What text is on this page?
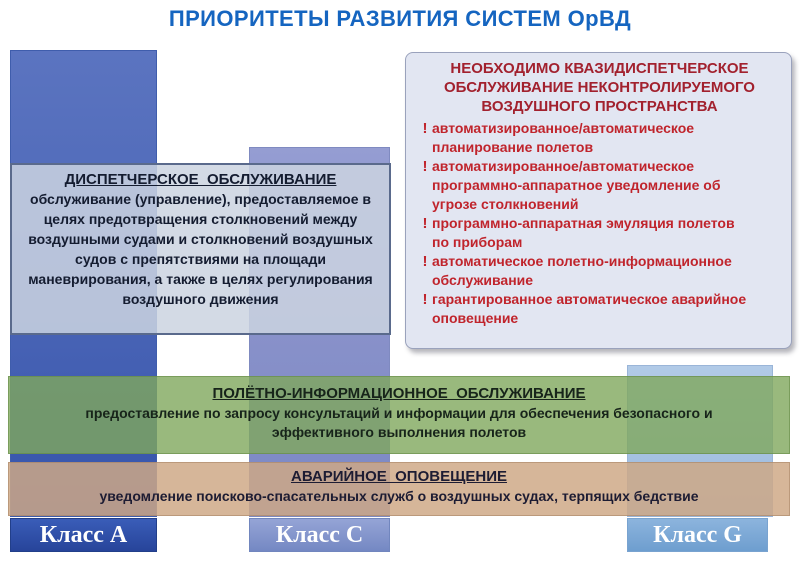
ПРИОРИТЕТЫ РАЗВИТИЯ СИСТЕМ ОрВД
ДИСПЕТЧЕРСКОЕ  ОБСЛУЖИВАНИЕ
обслуживание (управление), предоставляемое в целях предотвращения столкновений между воздушными судами и столкновений воздушных судов с препятствиями на площади маневрирования, а также в целях регулирования воздушного движения
НЕОБХОДИМО КВАЗИДИСПЕТЧЕРСКОЕ ОБСЛУЖИВАНИЕ НЕКОНТРОЛИРУЕМОГО ВОЗДУШНОГО ПРОСТРАНСТВА
! автоматизированное/автоматическое планирование полетов
! автоматизированное/автоматическое программно-аппаратное уведомление об угрозе столкновений
! программно-аппаратная эмуляция полетов по приборам
! автоматическое полетно-информационное обслуживание
! гарантированное автоматическое аварийное оповещение
ПОЛЁТНО-ИНФОРМАЦИОННОЕ  ОБСЛУЖИВАНИЕ
предоставление по запросу консультаций и информации для обеспечения безопасного и эффективного выполнения полетов
АВАРИЙНОЕ  ОПОВЕЩЕНИЕ
уведомление поисково-спасательных служб о воздушных судах, терпящих бедствие
Класс A	Класс C	Класс G
